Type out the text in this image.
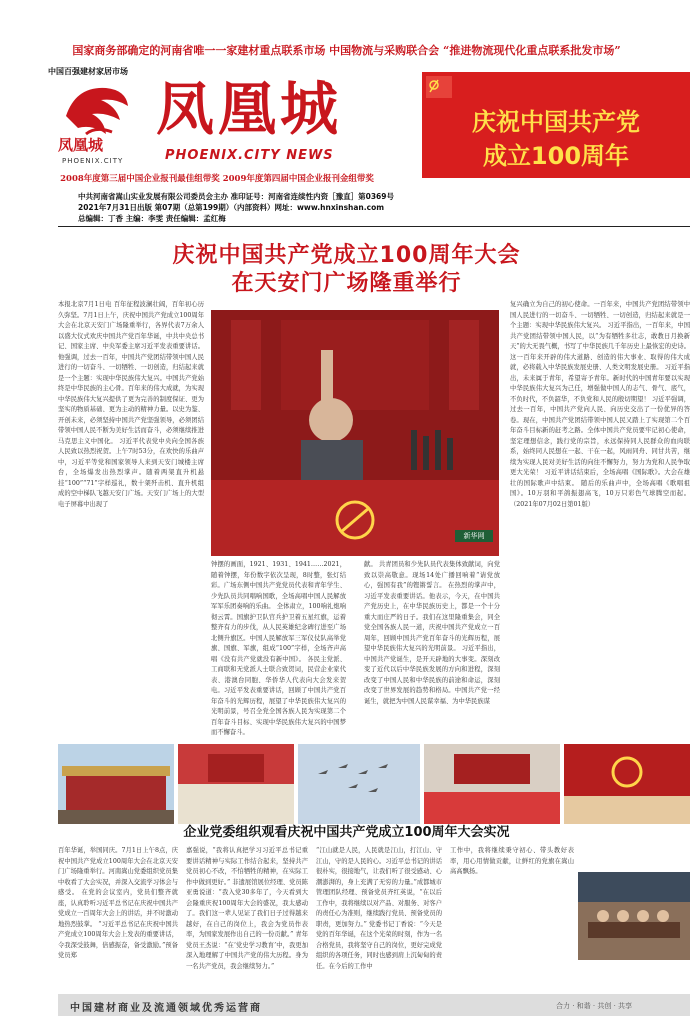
国家商务部确定的河南省唯一一家建材重点联系市场 中国物流与采购联合会 “推进物流现代化重点联系批发市场”
中国百强建材家居市场
凤凰城
PHOENIX.CITY
凤凰城
PHOENIX.CITY NEWS
庆祝中国共产党
成立100周年
2008年度第三届中国企业报刊最佳组带奖 2009年度第四届中国企业报刊金组带奖
中共河南省嵩山实业发展有限公司委员会主办 准印证号：河南省连续性内资［豫直］第0369号
2021年7月31日出版 第07期（总第199期）（内部资料）网址：www.hnxinshan.com
总编辑：丁香 主编：李雯 责任编辑：孟红梅
庆祝中国共产党成立100周年大会
在天安门广场隆重举行
本报北京7月1日电 百年征程波澜壮阔，百年初心历久弥坚。7月1日上午，庆祝中国共产党成立100周年大会在北京天安门广场隆重举行，各界代表7万余人以盛大仪式欢庆中国共产党百年华诞，中共中央总书记、国家主席、中央军委主席习近平发表重要讲话。他强调，过去一百年，中国共产党团结带领中国人民进行的一切奋斗、一切牺牲、一切创造，归结起来就是一个主题：实现中华民族伟大复兴。中国共产党始终是中华民族的主心骨。百年来的伟大成就，为实现中华民族伟大复兴提供了更为完善的制度保证、更为坚实的物质基础、更为主动的精神力量。以史为鉴、开创未来，必须坚持中国共产党坚强领导，必须团结带领中国人民不断为美好生活而奋斗，必须继续推进马克思主义中国化。 习近平代表党中央向全国各族人民致以热烈祝贺。上午7时53分，在欢快的乐曲声中，习近平等党和国家领导人来到天安门城楼主席台，全场爆发出热烈掌声。随着两架直升机悬挂“100”“71”字样巡礼，数十架歼击机、直升机组成的空中梯队飞越天安门广场。天安门广场上的大型电子屏幕中出现了
新华网
钟摆的画面，1921、1931、1941……2021，随着钟摆，年份数字依次呈现，8时整，张灯结彩。广场东侧中国共产党党员代表和青年学生、少先队员共同唱响国歌，全场高唱中国人民解放军军乐团奏响的乐曲。 全体肃立，100响礼炮响彻云霄。国旗护卫队官兵护卫着五星红旗，运着整齐有力的步伐，从人民英雄纪念碑行进至广场北侧升旗区。中国人民解放军三军仪仗队高举党旗、国旗、军旗，组成“100”字样，全场齐声高唱《没有共产党就没有新中国》。 各民主党派、工商联和无党派人士联合致贺词，民营企业家代表、港澳台同胞、华侨华人代表向大会发来贺电。习近平发表重要讲话，回顾了中国共产党百年奋斗的光辉历程，展望了中华民族伟大复兴的光明前景，号召全党全国各族人民为实现第二个百年奋斗目标、实现中华民族伟大复兴的中国梦而不懈奋斗。
献。 共青团员和少先队员代表集体致献词，向党致以崇高敬意。现场14处广播回响着“请党放心，强国有我”的铿锵誓言。 在热烈的掌声中，习近平发表重要讲话。他表示，今天，在中国共产党历史上，在中华民族历史上，都是一个十分重大而庄严的日子。我们在这里隆重集会，同全党全国各族人民一道，庆祝中国共产党成立一百周年，回顾中国共产党百年奋斗的光辉历程，展望中华民族伟大复兴的光明前景。 习近平指出，中国共产党诞生，是开天辟地的大事变。深刻改变了近代以后中华民族发展的方向和进程，深刻改变了中国人民和中华民族的前途和命运，深刻改变了世界发展的趋势和格局。中国共产党一经诞生，就把为中国人民谋幸福、为中华民族谋
复兴确立为自己的初心使命。一百年来，中国共产党团结带领中国人民进行的一切奋斗、一切牺牲、一切创造，归结起来就是一个主题：实现中华民族伟大复兴。 习近平指出，一百年来，中国共产党团结带领中国人民，以“为有牺牲多壮志，敢教日月换新天”的大无畏气概，书写了中华民族几千年历史上最恢宏的史诗。这一百年来开辟的伟大道路、创造的伟大事业、取得的伟大成就，必将载入中华民族发展史册、人类文明发展史册。 习近平指出，未来属于青年，希望寄予青年。新时代的中国青年要以实现中华民族伟大复兴为己任，增强做中国人的志气、骨气、底气，不负时代，不负韶华，不负党和人民的殷切期望！ 习近平强调，过去一百年，中国共产党向人民、向历史交出了一份优异的答卷。现在，中国共产党团结带领中国人民又踏上了实现第二个百年奋斗目标新的赶考之路。全体中国共产党员要牢记初心使命，坚定理想信念，践行党的宗旨，永远保持同人民群众的血肉联系，始终同人民想在一起、干在一起，风雨同舟、同甘共苦，继续为实现人民对美好生活的向往不懈努力，努力为党和人民争取更大光荣！ 习近平讲话结束后，全场高唱《国际歌》。大会在雄壮的国际歌声中结束。 随后的乐曲声中，全场高唱《歌唱祖国》。10万羽和平鸽振翅高飞，10万只彩色气球腾空而起。（2021年07月02日第01版）
企业党委组织观看庆祝中国共产党成立100周年大会实况
百年华诞，举国同庆。7月1日上午8点，庆祝中国共产党成立100周年大会在北京天安门广场隆重举行。河南嵩山党委组织党员集中收看了大会实况，并深入交流学习体会与感受。 在党的会议室内，党员们整齐就座，认真聆听习近平总书记在庆祝中国共产党成立一百周年大会上的讲话，并不时激动地热烈鼓掌。 “习近平总书记在庆祝中国共产党成立100周年大会上发表的重要讲话，令我深受鼓舞，倍感振奋，备受激励。”预备党员郑
嘉强说，“我将认真把学习习近平总书记重要讲话精神与实际工作结合起来，坚持共产党员初心不改，不怕牺牲的精神，在实际工作中做到更好。” 非遗展馆展位经理、党员陈亚勇说道：“我入党30多年了，今天看到大会隆重庆祝100周年大会的盛况，我太感动了。我们这一辈人见证了我们日子过得越来越好，在自己的岗位上，我会为党员作表率，为国家发展作出自己的一份贡献。” 青年党员王杰说：“在‘党史学习教育’中，我更加深入地理解了中国共产党的伟大历程。身为一名共产党员，我会继续努力。”
“江山就是人民，人民就是江山，打江山、守江山，守的是人民的心。习近平总书记的讲话很朴实，很接地气，让我们听了很受感动、心潮澎湃的，身上充满了无穷的力量。”成都城市管理团队经理、预备党员齐红英说，“在以后工作中，我将继续以对产品、对服务、对客户的责任心为准则，继续践行党员、预备党员的职责，更加努力。” 党委书记丁香说：“今天是党的百年华诞，在这个光荣的时刻，作为一名合格党员，我将坚守自己的岗位，更好完成党组织的各项任务，同时也感到肩上沉甸甸的责任。在今后的工作中
工作中，我将继续秉守初心、带头教好表率，用心用情做贡献，让鲜红的党旗在嵩山高高飘扬。
中国建材商业及流通领域优秀运营商	合力 · 和谐 · 共创 · 共享
